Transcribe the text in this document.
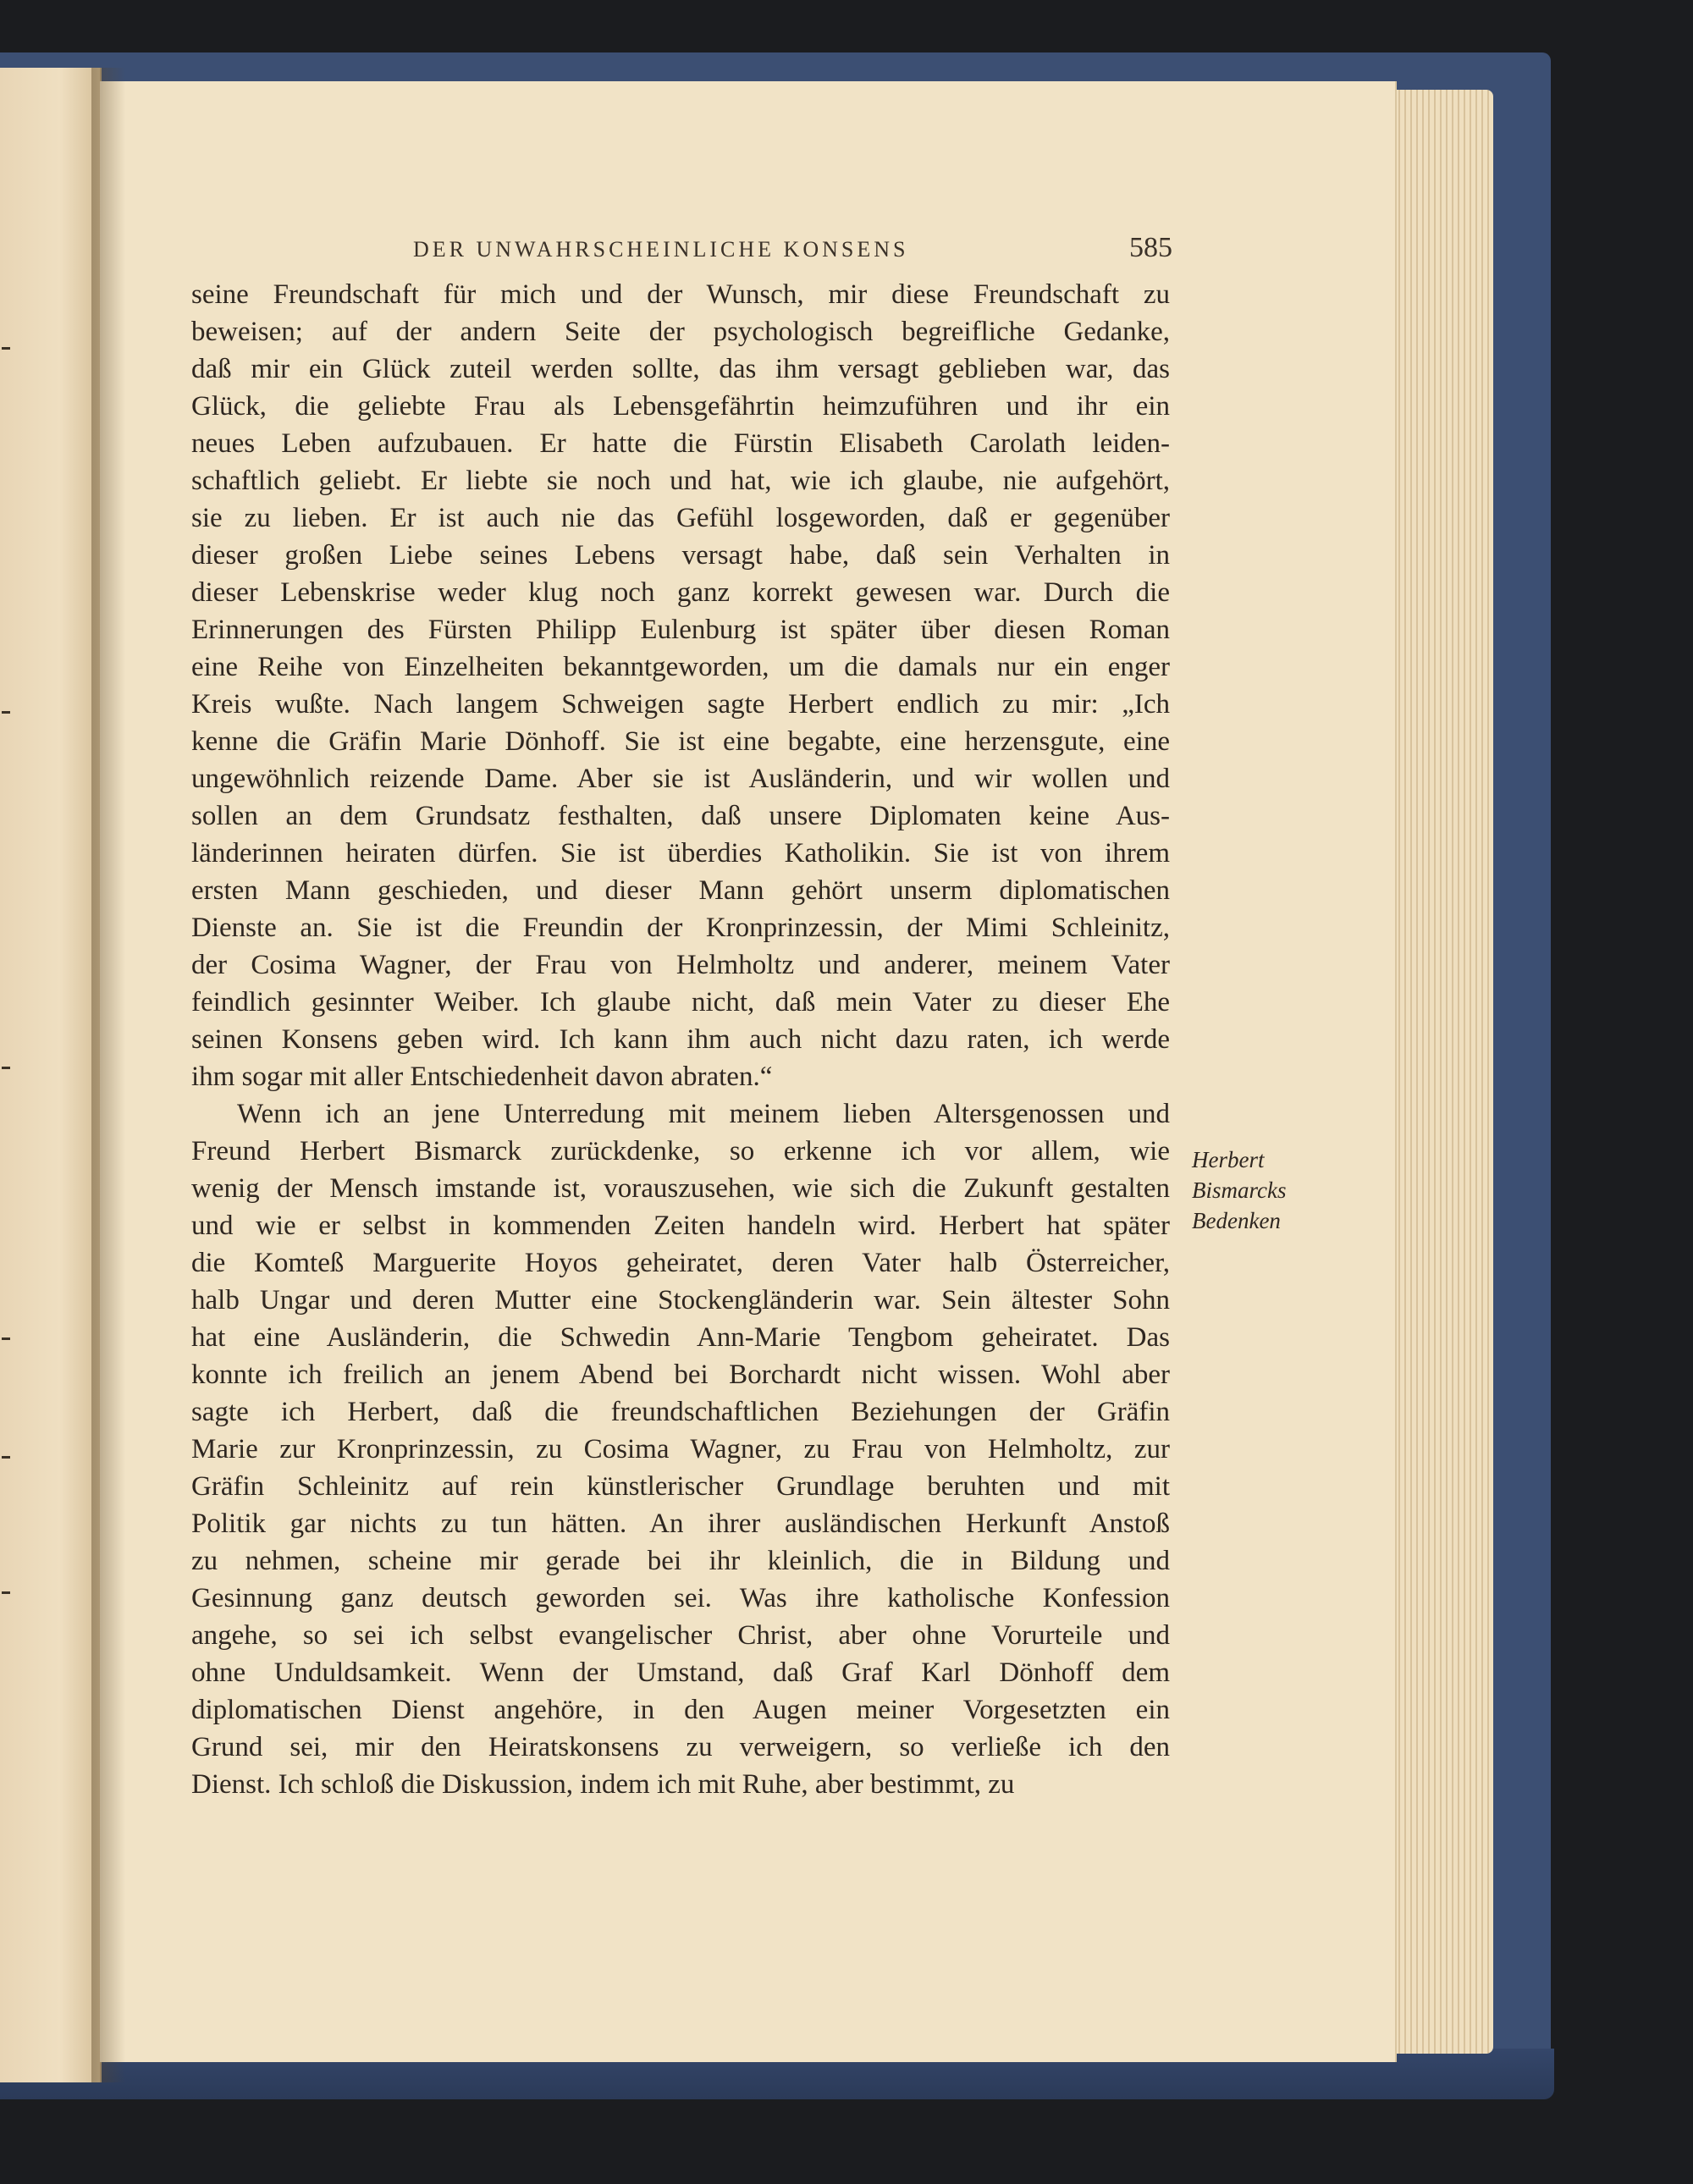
DER UNWAHRSCHEINLICHE KONSENS	585
seine Freundschaft für mich und der Wunsch, mir diese Freundschaft zu
beweisen; auf der andern Seite der psychologisch begreifliche Gedanke,
daß mir ein Glück zuteil werden sollte, das ihm versagt geblieben war, das
Glück, die geliebte Frau als Lebensgefährtin heimzuführen und ihr ein
neues Leben aufzubauen. Er hatte die Fürstin Elisabeth Carolath leiden-
schaftlich geliebt. Er liebte sie noch und hat, wie ich glaube, nie aufgehört,
sie zu lieben. Er ist auch nie das Gefühl losgeworden, daß er gegenüber
dieser großen Liebe seines Lebens versagt habe, daß sein Verhalten in
dieser Lebenskrise weder klug noch ganz korrekt gewesen war. Durch die
Erinnerungen des Fürsten Philipp Eulenburg ist später über diesen Roman
eine Reihe von Einzelheiten bekanntgeworden, um die damals nur ein enger
Kreis wußte. Nach langem Schweigen sagte Herbert endlich zu mir: „Ich
kenne die Gräfin Marie Dönhoff. Sie ist eine begabte, eine herzensgute, eine
ungewöhnlich reizende Dame. Aber sie ist Ausländerin, und wir wollen und
sollen an dem Grundsatz festhalten, daß unsere Diplomaten keine Aus-
länderinnen heiraten dürfen. Sie ist überdies Katholikin. Sie ist von ihrem
ersten Mann geschieden, und dieser Mann gehört unserm diplomatischen
Dienste an. Sie ist die Freundin der Kronprinzessin, der Mimi Schleinitz,
der Cosima Wagner, der Frau von Helmholtz und anderer, meinem Vater
feindlich gesinnter Weiber. Ich glaube nicht, daß mein Vater zu dieser Ehe
seinen Konsens geben wird. Ich kann ihm auch nicht dazu raten, ich werde
ihm sogar mit aller Entschiedenheit davon abraten.“
Wenn ich an jene Unterredung mit meinem lieben Altersgenossen und
Freund Herbert Bismarck zurückdenke, so erkenne ich vor allem, wie
wenig der Mensch imstande ist, vorauszusehen, wie sich die Zukunft gestalten
und wie er selbst in kommenden Zeiten handeln wird. Herbert hat später
die Komteß Marguerite Hoyos geheiratet, deren Vater halb Österreicher,
halb Ungar und deren Mutter eine Stockengländerin war. Sein ältester Sohn
hat eine Ausländerin, die Schwedin Ann-Marie Tengbom geheiratet. Das
konnte ich freilich an jenem Abend bei Borchardt nicht wissen. Wohl aber
sagte ich Herbert, daß die freundschaftlichen Beziehungen der Gräfin
Marie zur Kronprinzessin, zu Cosima Wagner, zu Frau von Helmholtz, zur
Gräfin Schleinitz auf rein künstlerischer Grundlage beruhten und mit
Politik gar nichts zu tun hätten. An ihrer ausländischen Herkunft Anstoß
zu nehmen, scheine mir gerade bei ihr kleinlich, die in Bildung und
Gesinnung ganz deutsch geworden sei. Was ihre katholische Konfession
angehe, so sei ich selbst evangelischer Christ, aber ohne Vorurteile und
ohne Unduldsamkeit. Wenn der Umstand, daß Graf Karl Dönhoff dem
diplomatischen Dienst angehöre, in den Augen meiner Vorgesetzten ein
Grund sei, mir den Heiratskonsens zu verweigern, so verließe ich den
Dienst. Ich schloß die Diskussion, indem ich mit Ruhe, aber bestimmt, zu
Herbert
Bismarcks
Bedenken
